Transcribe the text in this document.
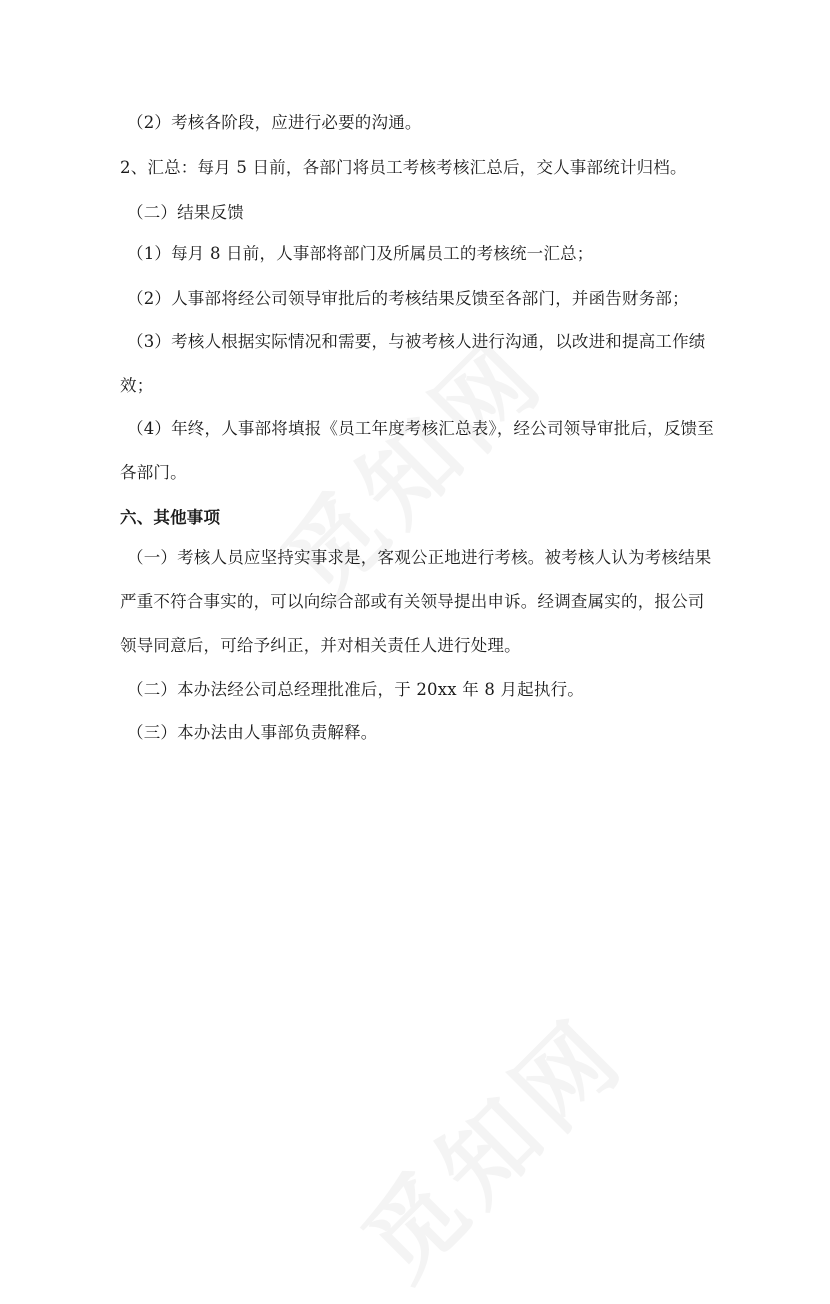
（2）考核各阶段，应进行必要的沟通。
2、汇总：每月 5 日前，各部门将员工考核考核汇总后，交人事部统计归档。
（二）结果反馈
（1）每月 8 日前，人事部将部门及所属员工的考核统一汇总；
（2）人事部将经公司领导审批后的考核结果反馈至各部门，并函告财务部；
（3）考核人根据实际情况和需要，与被考核人进行沟通，以改进和提高工作绩
效；
（4）年终，人事部将填报《员工年度考核汇总表》，经公司领导审批后，反馈至
各部门。
六、其他事项
（一）考核人员应坚持实事求是，客观公正地进行考核。被考核人认为考核结果
严重不符合事实的，可以向综合部或有关领导提出申诉。经调查属实的，报公司
领导同意后，可给予纠正，并对相关责任人进行处理。
（二）本办法经公司总经理批准后，于 20xx 年 8 月起执行。
（三）本办法由人事部负责解释。
